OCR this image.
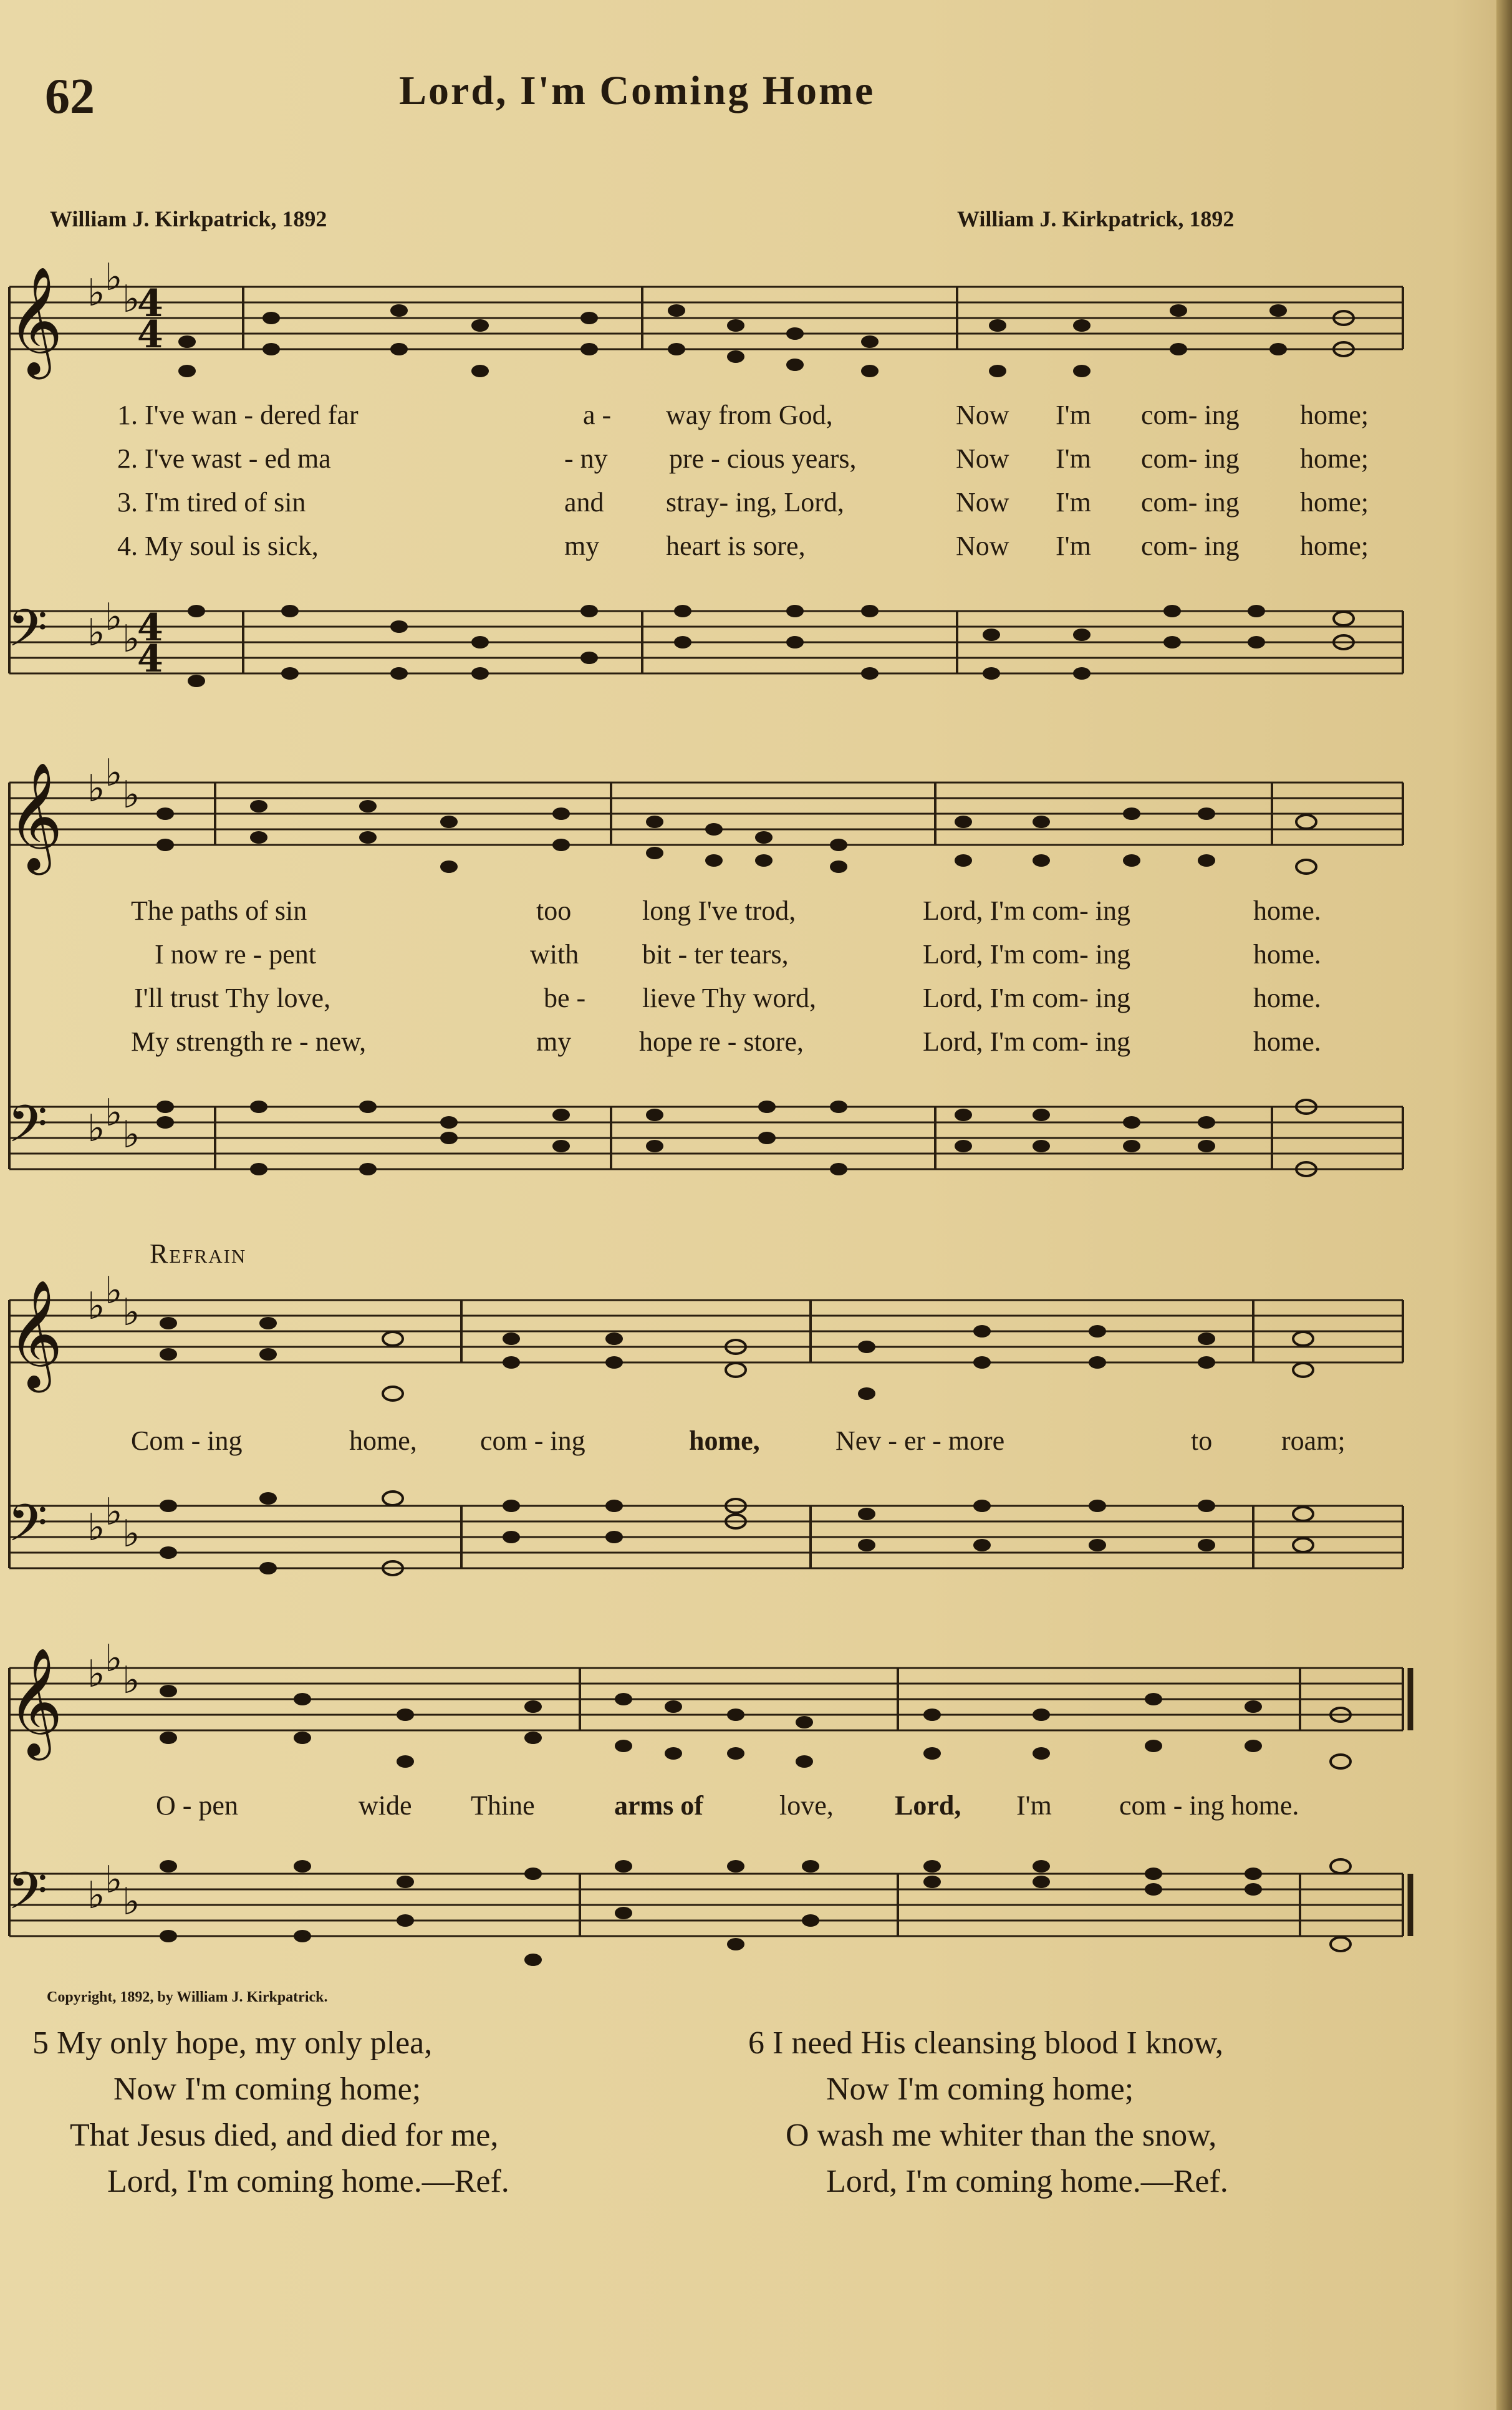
62	Lord, I'm Coming Home
William J. Kirkpatrick, 1892	William J. Kirkpatrick, 1892
𝄞
𝄢
𝄞
𝄢
𝄞
𝄢
𝄞
𝄢
♭ ♭ ♭
♭ ♭ ♭
♭ ♭ ♭
♭ ♭ ♭
♭ ♭ ♭
♭ ♭ ♭
♭ ♭ ♭
♭ ♭ ♭
4
4
4
4
1. I've wan - dered far	a - way from God,	Now I'm com- ing home;
2. I've wast - ed ma	- ny pre - cious years,	Now I'm com- ing home;
3. I'm tired of sin	and stray- ing, Lord,	Now I'm com- ing home;
4. My soul is sick,	my heart is sore,	Now I'm com- ing home;
The paths of sin	too	long I've trod,	Lord, I'm com- ing	home.
I now re - pent	with bit - ter tears,	Lord, I'm com- ing	home.
I'll trust Thy love,	be - lieve Thy word,	Lord, I'm com- ing	home.
My strength re - new,	my hope re - store,	Lord, I'm com- ing	home.
Refrain
Com - ing	home, com - ing	home,	Nev - er - more	to	roam;
O - pen	wide Thine	arms of	love, Lord, I'm com - ing home.
Copyright, 1892, by William J. Kirkpatrick.
5 My only hope, my only plea,
Now I'm coming home;
That Jesus died, and died for me,
Lord, I'm coming home.—Ref.
6 I need His cleansing blood I know,
Now I'm coming home;
O wash me whiter than the snow,
Lord, I'm coming home.—Ref.
